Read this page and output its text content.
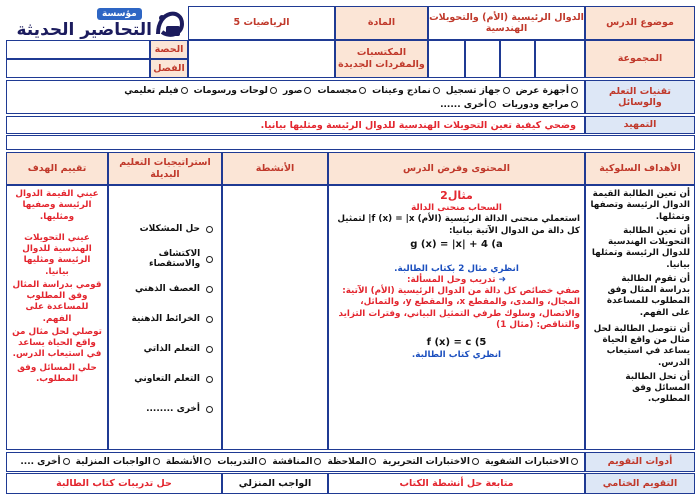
مؤسسة
التحاضير الحديثة	موضوع الدرس
الدوال الرئيسية (الأم) والتحويلات الهندسية
المادة
الرياضيات 5
المجموعة
المكتسبات والمفردات الجديدة
الحصة
الفصل
تقنيات التعلم والوسائل
أجهزة عرض
جهاز تسجيل
نماذج وعينات
مجسمات
صور
لوحات ورسومات
فيلم تعليمي
مراجع ودوريات
أخرى ......
التمهيد
وضحي كيفية تعين التحويلات الهندسية للدوال الرئيسة ومثليها بيانيا.
الأهداف السلوكية
المحتوى وفرض الدرس
الأنشطة
استراتيجيات التعليم البديلة
تقييم الهدف

أن تعين الطالبة القيمة الدوال الرئيسة وتصفها وتمثلها.

أن تعين الطالبة التحويلات الهندسية للدوال الرئيسة وتمثلها بيانيا.

أن تقوم الطالبة بدراسة المثال وفق المطلوب للمساعدة على الفهم.

أن تتوصل الطالبة لحل مثال من واقع الحياة يساعد في استيعاب الدرس.

أن تحل الطالبة المسائل وفق المطلوب.

مثال2

السحاب منحنى الدالة

استعملي منحنى الدالة الرئيسية (الأم) f (x) = |x| لتمثيل كل دالة من الدوال الآتية بيانيا:

g (x) = |x| + 4 (a

انظري مثال 2 بكتاب الطالبة.

➜ تدريب وحل المسألة:

صفي خصائص كل دالة من الدوال الرئيسية (الأم) الآتية: المجال، والمدى، والمقطع x، والمقطع y، والتماثل، والاتصال، وسلوك طرفي التمثيل البياني، وفترات التزايد والتناقص: (مثال 1)

f (x) = c (5

انظري كتاب الطالبة.

حل المشكلات
الاكتشاف والاستقصاء
العصف الذهني
الخرائط الذهنية
التعلم الذاتي
التعلم التعاوني
أخرى ........

عيني القيمة الدوال الرئيسة وصفيها ومثليها.

عيني التحويلات الهندسية للدوال الرئيسة ومثليها بيانيا.

قومي بدراسة المثال وفق المطلوب للمساعدة على الفهم.

توصلي لحل مثال من واقع الحياة يساعد في استيعاب الدرس.

حلي المسائل وفق المطلوب.

أدوات التقويم
الاختبارات الشفوية
الاختبارات التحريرية
الملاحظة
المناقشة
التدريبات
الأنشطة
الواجبات المنزلية
أخرى ....
التقويم الختامي
متابعة حل أنشطة الكتاب
الواجب المنزلي
حل تدريبات كتاب الطالبة
